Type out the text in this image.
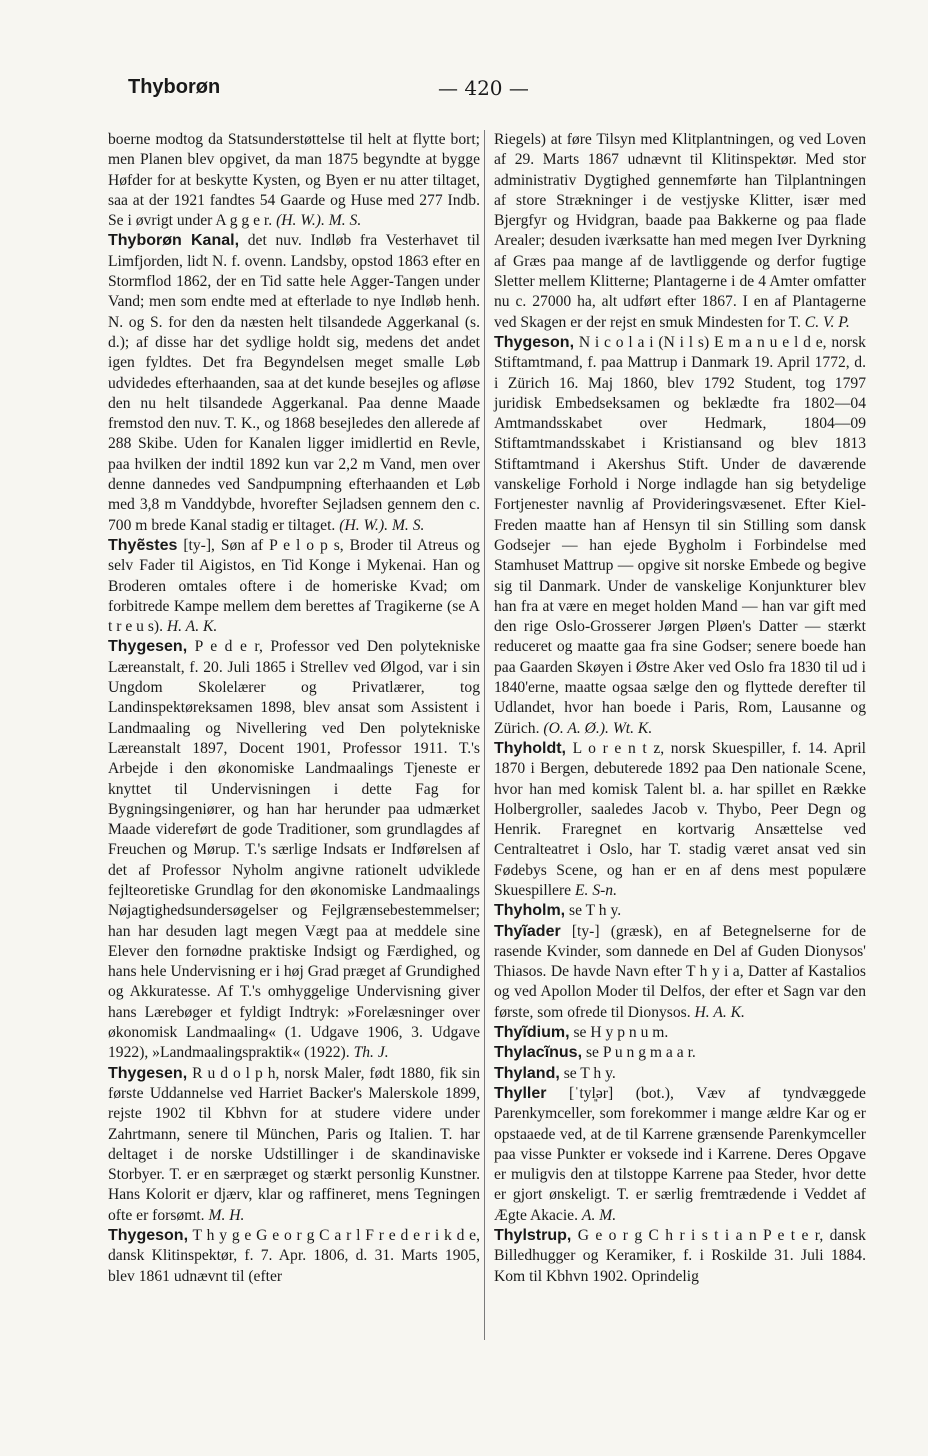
Thyborøn	— 420 —

boerne modtog da Statsunderstøttelse til helt at flytte bort; men Planen blev opgivet, da man 1875 begyndte at bygge Høfder for at beskytte Kysten, og Byen er nu atter tiltaget, saa at der 1921 fandtes 54 Gaarde og Huse med 277 Indb. Se i øvrigt under A g g e r. (H. W.). M. S.

Thyborøn Kanal, det nuv. Indløb fra Vesterhavet til Limfjorden, lidt N. f. ovenn. Landsby, opstod 1863 efter en Stormflod 1862, der en Tid satte hele Agger-Tangen under Vand; men som endte med at efterlade to nye Indløb henh. N. og S. for den da næsten helt tilsandede Aggerkanal (s. d.); af disse har det sydlige holdt sig, medens det andet igen fyldtes. Det fra Begyndelsen meget smalle Løb udvidedes efterhaanden, saa at det kunde besejles og afløse den nu helt tilsandede Aggerkanal. Paa denne Maade fremstod den nuv. T. K., og 1868 besejledes den allerede af 288 Skibe. Uden for Kanalen ligger imidlertid en Revle, paa hvilken der indtil 1892 kun var 2,2 m Vand, men over denne dannedes ved Sandpumpning efterhaanden et Løb med 3,8 m Vanddybde, hvorefter Sejladsen gennem den c. 700 m brede Kanal stadig er tiltaget. (H. W.). M. S.

Thyẽstes [ty-], Søn af P e l o p s, Broder til Atreus og selv Fader til Aigistos, en Tid Konge i Mykenai. Han og Broderen omtales oftere i de homeriske Kvad; om forbitrede Kampe mellem dem berettes af Tragikerne (se A t r e u s). H. A. K.

Thygesen, P e d e r, Professor ved Den polytekniske Læreanstalt, f. 20. Juli 1865 i Strellev ved Ølgod, var i sin Ungdom Skolelærer og Privatlærer, tog Landinspektøreksamen 1898, blev ansat som Assistent i Landmaaling og Nivellering ved Den polytekniske Læreanstalt 1897, Docent 1901, Professor 1911. T.'s Arbejde i den økonomiske Landmaalings Tjeneste er knyttet til Undervisningen i dette Fag for Bygningsingeniører, og han har herunder paa udmærket Maade videreført de gode Traditioner, som grundlagdes af Freuchen og Mørup. T.'s særlige Indsats er Indførelsen af det af Professor Nyholm angivne rationelt udviklede fejlteoretiske Grundlag for den økonomiske Landmaalings Nøjagtighedsundersøgelser og Fejlgrænsebestemmelser; han har desuden lagt megen Vægt paa at meddele sine Elever den fornødne praktiske Indsigt og Færdighed, og hans hele Undervisning er i høj Grad præget af Grundighed og Akkuratesse. Af T.'s omhyggelige Undervisning giver hans Lærebøger et fyldigt Indtryk: »Forelæsninger over økonomisk Landmaaling« (1. Udgave 1906, 3. Udgave 1922), »Landmaalingspraktik« (1922). Th. J.

Thygesen, R u d o l p h, norsk Maler, født 1880, fik sin første Uddannelse ved Harriet Backer's Malerskole 1899, rejste 1902 til Kbhvn for at studere videre under Zahrtmann, senere til München, Paris og Italien. T. har deltaget i de norske Udstillinger i de skandinaviske Storbyer. T. er en særpræget og stærkt personlig Kunstner. Hans Kolorit er djærv, klar og raffineret, mens Tegningen ofte er forsømt. M. H.

Thygeson, T h y g e G e o r g C a r l F r e d e r i k d e, dansk Klitinspektør, f. 7. Apr. 1806, d. 31. Marts 1905, blev 1861 udnævnt til (efter

Riegels) at føre Tilsyn med Klitplantningen, og ved Loven af 29. Marts 1867 udnævnt til Klitinspektør. Med stor administrativ Dygtighed gennemførte han Tilplantningen af store Strækninger i de vestjyske Klitter, især med Bjergfyr og Hvidgran, baade paa Bakkerne og paa flade Arealer; desuden iværksatte han med megen Iver Dyrkning af Græs paa mange af de lavtliggende og derfor fugtige Sletter mellem Klitterne; Plantagerne i de 4 Amter omfatter nu c. 27000 ha, alt udført efter 1867. I en af Plantagerne ved Skagen er der rejst en smuk Mindesten for T. C. V. P.

Thygeson, N i c o l a i (N i l s) E m a n u e l d e, norsk Stiftamtmand, f. paa Mattrup i Danmark 19. April 1772, d. i Zürich 16. Maj 1860, blev 1792 Student, tog 1797 juridisk Embedseksamen og beklædte fra 1802—04 Amtmandsskabet over Hedmark, 1804—09 Stiftamtmandsskabet i Kristiansand og blev 1813 Stiftamtmand i Akershus Stift. Under de daværende vanskelige Forhold i Norge indlagde han sig betydelige Fortjenester navnlig af Provideringsvæsenet. Efter Kiel-Freden maatte han af Hensyn til sin Stilling som dansk Godsejer — han ejede Bygholm i Forbindelse med Stamhuset Mattrup — opgive sit norske Embede og begive sig til Danmark. Under de vanskelige Konjunkturer blev han fra at være en meget holden Mand — han var gift med den rige Oslo-Grosserer Jørgen Pløen's Datter — stærkt reduceret og maatte gaa fra sine Godser; senere boede han paa Gaarden Skøyen i Østre Aker ved Oslo fra 1830 til ud i 1840'erne, maatte ogsaa sælge den og flyttede derefter til Udlandet, hvor han boede i Paris, Rom, Lausanne og Zürich. (O. A. Ø.). Wt. K.

Thyholdt, L o r e n t z, norsk Skuespiller, f. 14. April 1870 i Bergen, debuterede 1892 paa Den nationale Scene, hvor han med komisk Talent bl. a. har spillet en Række Holbergroller, saaledes Jacob v. Thybo, Peer Degn og Henrik. Fraregnet en kortvarig Ansættelse ved Centralteatret i Oslo, har T. stadig været ansat ved sin Fødebys Scene, og han er en af dens mest populære Skuespillere E. S-n.

Thyholm, se T h y.

Thyĩader [ty-] (græsk), en af Betegnelserne for de rasende Kvinder, som dannede en Del af Guden Dionysos' Thiasos. De havde Navn efter T h y i a, Datter af Kastalios og ved Apollon Moder til Delfos, der efter et Sagn var den første, som ofrede til Dionysos. H. A. K.

Thyĩdium, se H y p n u m.

Thylacĩnus, se P u n g m a a r.

Thyland, se T h y.

Thyller [ˈtyl͈ər] (bot.), Væv af tyndvæggede Parenkymceller, som forekommer i mange ældre Kar og er opstaaede ved, at de til Karrene grænsende Parenkymceller paa visse Punkter er voksede ind i Karrene. Deres Opgave er muligvis den at tilstoppe Karrene paa Steder, hvor dette er gjort ønskeligt. T. er særlig fremtrædende i Veddet af Ægte Akacie. A. M.

Thylstrup, G e o r g C h r i s t i a n P e t e r, dansk Billedhugger og Keramiker, f. i Roskilde 31. Juli 1884. Kom til Kbhvn 1902. Oprindelig
